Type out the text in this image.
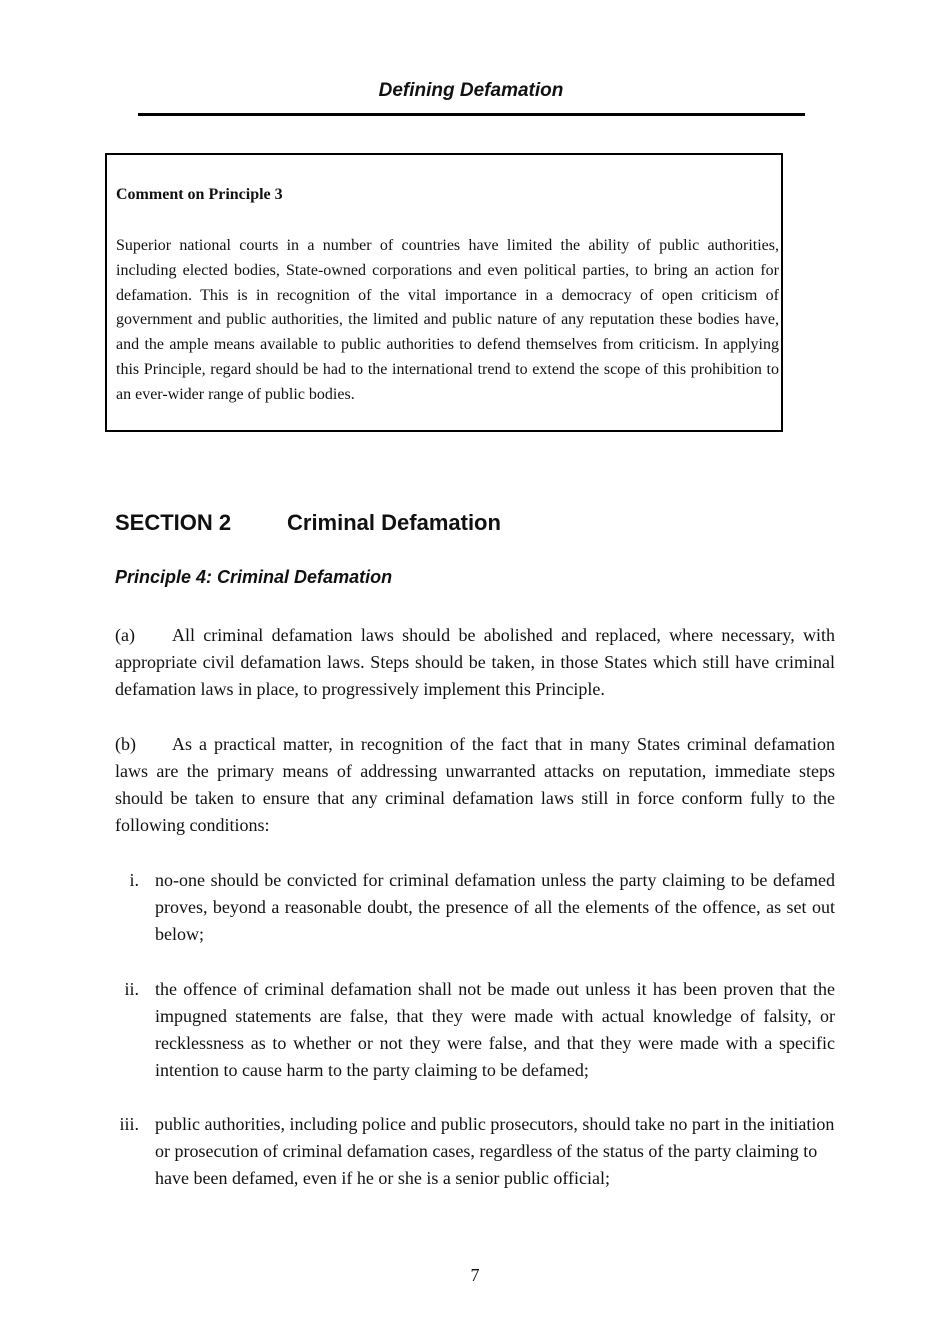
Defining Defamation
Comment on Principle 3

Superior national courts in a number of countries have limited the ability of public authorities, including elected bodies, State-owned corporations and even political parties, to bring an action for defamation. This is in recognition of the vital importance in a democracy of open criticism of government and public authorities, the limited and public nature of any reputation these bodies have, and the ample means available to public authorities to defend themselves from criticism. In applying this Principle, regard should be had to the international trend to extend the scope of this prohibition to an ever-wider range of public bodies.

SECTION 2	Criminal Defamation
Principle 4: Criminal Defamation

(a) All criminal defamation laws should be abolished and replaced, where necessary, with appropriate civil defamation laws. Steps should be taken, in those States which still have criminal defamation laws in place, to progressively implement this Principle.

(b) As a practical matter, in recognition of the fact that in many States criminal defamation laws are the primary means of addressing unwarranted attacks on reputation, immediate steps should be taken to ensure that any criminal defamation laws still in force conform fully to the following conditions:

i. no-one should be convicted for criminal defamation unless the party claiming to be defamed proves, beyond a reasonable doubt, the presence of all the elements of the offence, as set out below;

ii. the offence of criminal defamation shall not be made out unless it has been proven that the impugned statements are false, that they were made with actual knowledge of falsity, or recklessness as to whether or not they were false, and that they were made with a specific intention to cause harm to the party claiming to be defamed;

iii. public authorities, including police and public prosecutors, should take no part in the initiation or prosecution of criminal defamation cases, regardless of the status of the party claiming to have been defamed, even if he or she is a senior public official;

7
